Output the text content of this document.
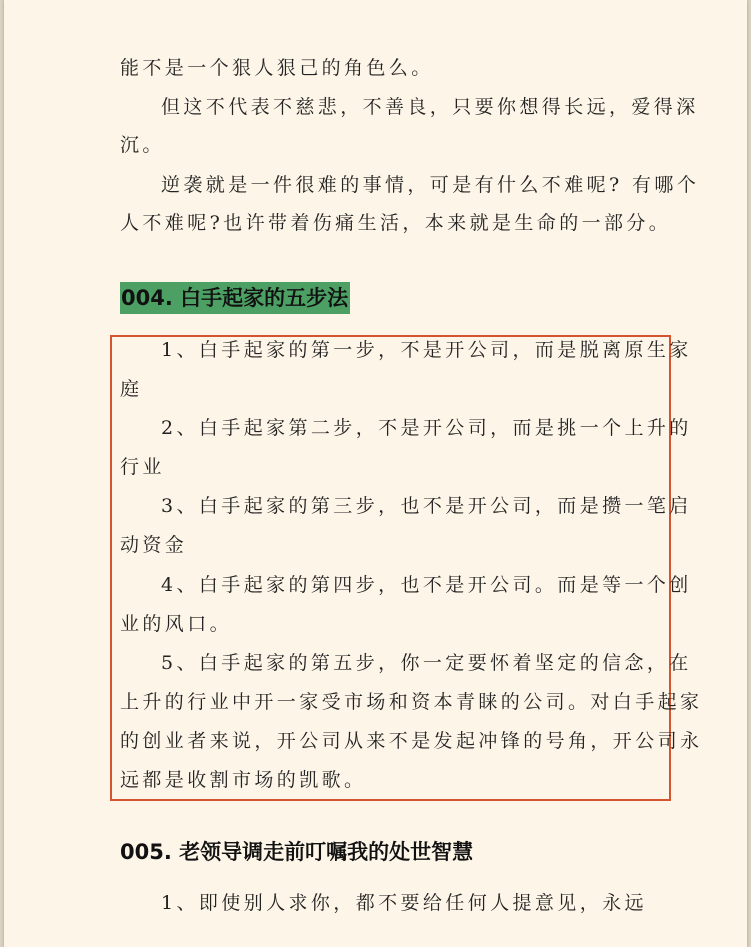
能不是一个狠人狠己的角色么。
但这不代表不慈悲，不善良，只要你想得长远，爱得深
沉。
逆袭就是一件很难的事情，可是有什么不难呢? 有哪个
人不难呢?也许带着伤痛生活，本来就是生命的一部分。
004. 白手起家的五步法
1、白手起家的第一步，不是开公司，而是脱离原生家
庭
2、白手起家第二步，不是开公司，而是挑一个上升的
行业
3、白手起家的第三步，也不是开公司，而是攒一笔启
动资金
4、白手起家的第四步，也不是开公司。而是等一个创
业的风口。
5、白手起家的第五步，你一定要怀着坚定的信念，在
上升的行业中开一家受市场和资本青睐的公司。对白手起家
的创业者来说，开公司从来不是发起冲锋的号角，开公司永
远都是收割市场的凯歌。
005. 老领导调走前叮嘱我的处世智慧
1、即使别人求你，都不要给任何人提意见，永远
